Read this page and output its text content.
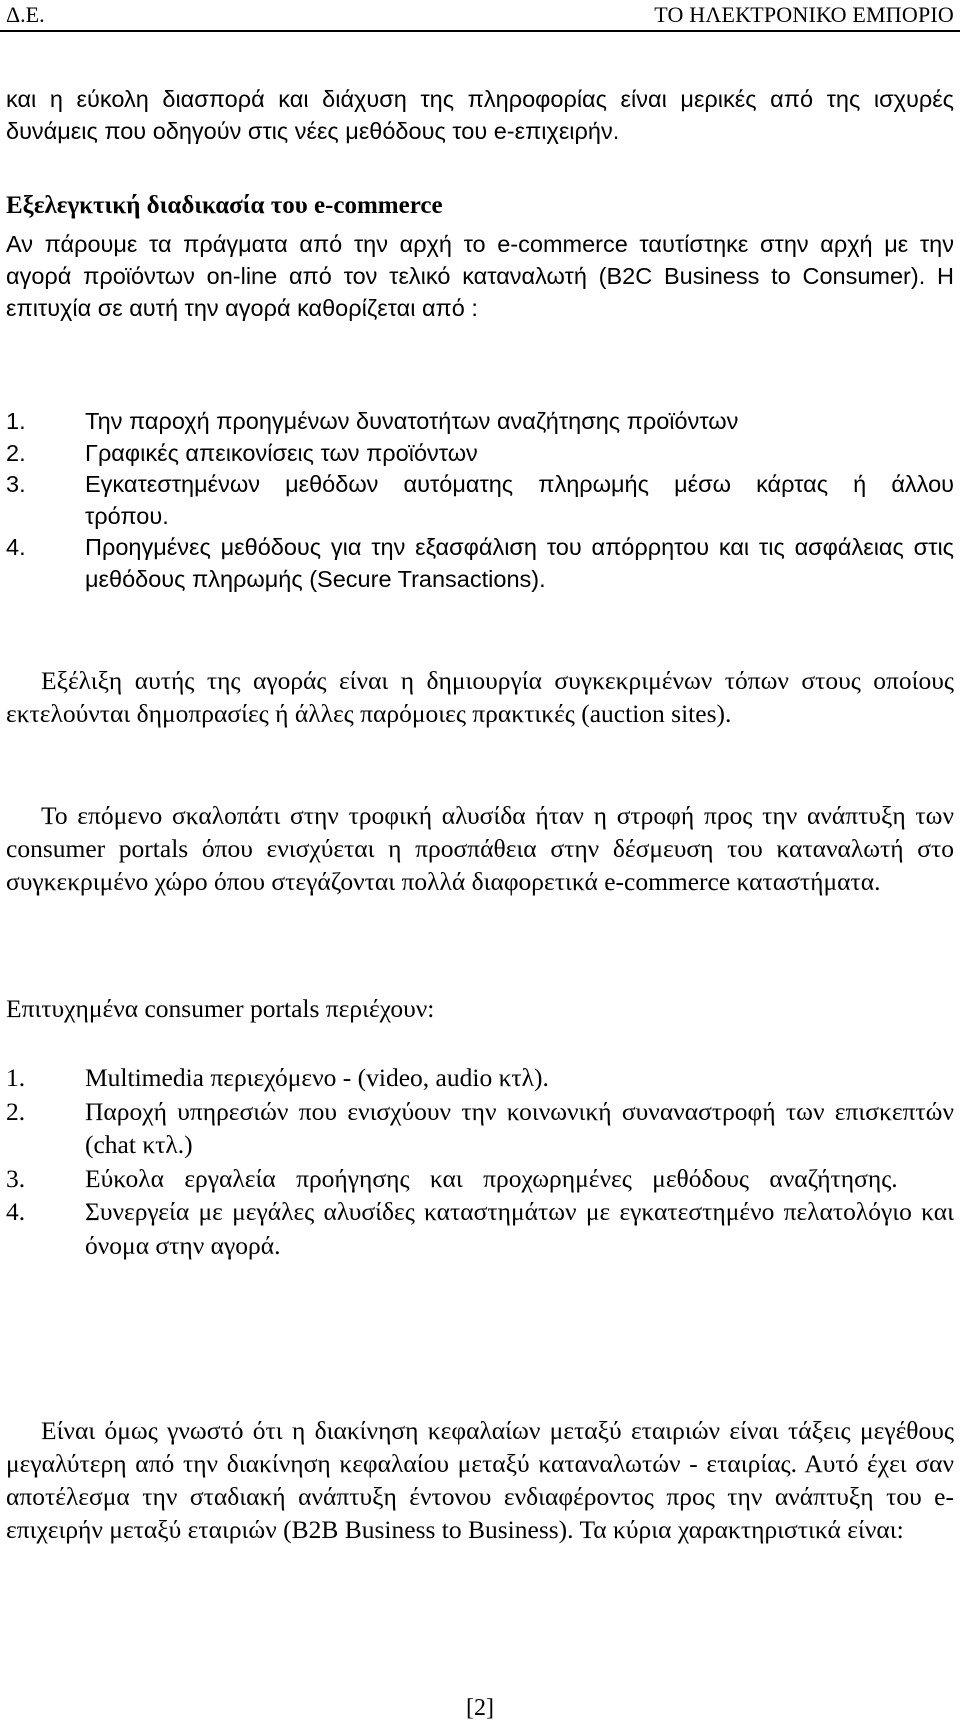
Δ.Ε.	ΤΟ ΗΛΕΚΤΡΟΝΙΚΟ ΕΜΠΟΡΙΟ
και η εύκολη διασπορά και διάχυση της πληροφορίας είναι μερικές από της ισχυρές δυνάμεις που οδηγούν στις νέες μεθόδους του e-επιχειρήν.
Εξελεγκτική διαδικασία του e-commerce
Αν πάρουμε τα πράγματα από την αρχή το e-commerce ταυτίστηκε στην αρχή με την αγορά προϊόντων on-line από τον τελικό καταναλωτή (B2C Business to Consumer). Η επιτυχία σε αυτή την αγορά καθορίζεται από :
1.	Την παροχή προηγμένων δυνατοτήτων αναζήτησης προϊόντων
2.	Γραφικές απεικονίσεις των προϊόντων
3.	Εγκατεστημένων μεθόδων αυτόματης πληρωμής μέσω κάρτας ή άλλου τρόπου.
4.	Προηγμένες μεθόδους για την εξασφάλιση του απόρρητου και τις ασφάλειας στις μεθόδους πληρωμής (Secure Transactions).
Εξέλιξη αυτής της αγοράς είναι η δημιουργία συγκεκριμένων τόπων στους οποίους εκτελούνται δημοπρασίες ή άλλες παρόμοιες πρακτικές (auction sites).
Το επόμενο σκαλοπάτι στην τροφική αλυσίδα ήταν η στροφή προς την ανάπτυξη των consumer portals όπου ενισχύεται η προσπάθεια στην δέσμευση του καταναλωτή στο συγκεκριμένο χώρο όπου στεγάζονται πολλά διαφορετικά e-commerce καταστήματα.
Επιτυχημένα consumer portals περιέχουν:
1.	Multimedia περιεχόμενο - (video, audio κτλ).
2.	Παροχή υπηρεσιών που ενισχύουν την κοινωνική συναναστροφή των επισκεπτών (chat κτλ.)
3.	Εύκολα εργαλεία προήγησης και προχωρημένες μεθόδους αναζήτησης.
4.	Συνεργεία με μεγάλες αλυσίδες καταστημάτων με εγκατεστημένο πελατολόγιο και όνομα στην αγορά.
Είναι όμως γνωστό ότι η διακίνηση κεφαλαίων μεταξύ εταιριών είναι τάξεις μεγέθους μεγαλύτερη από την διακίνηση κεφαλαίου μεταξύ καταναλωτών - εταιρίας. Αυτό έχει σαν αποτέλεσμα την σταδιακή ανάπτυξη έντονου ενδιαφέροντος προς την ανάπτυξη του e- επιχειρήν μεταξύ εταιριών (B2B Business to Business). Τα κύρια χαρακτηριστικά είναι:
[2]
